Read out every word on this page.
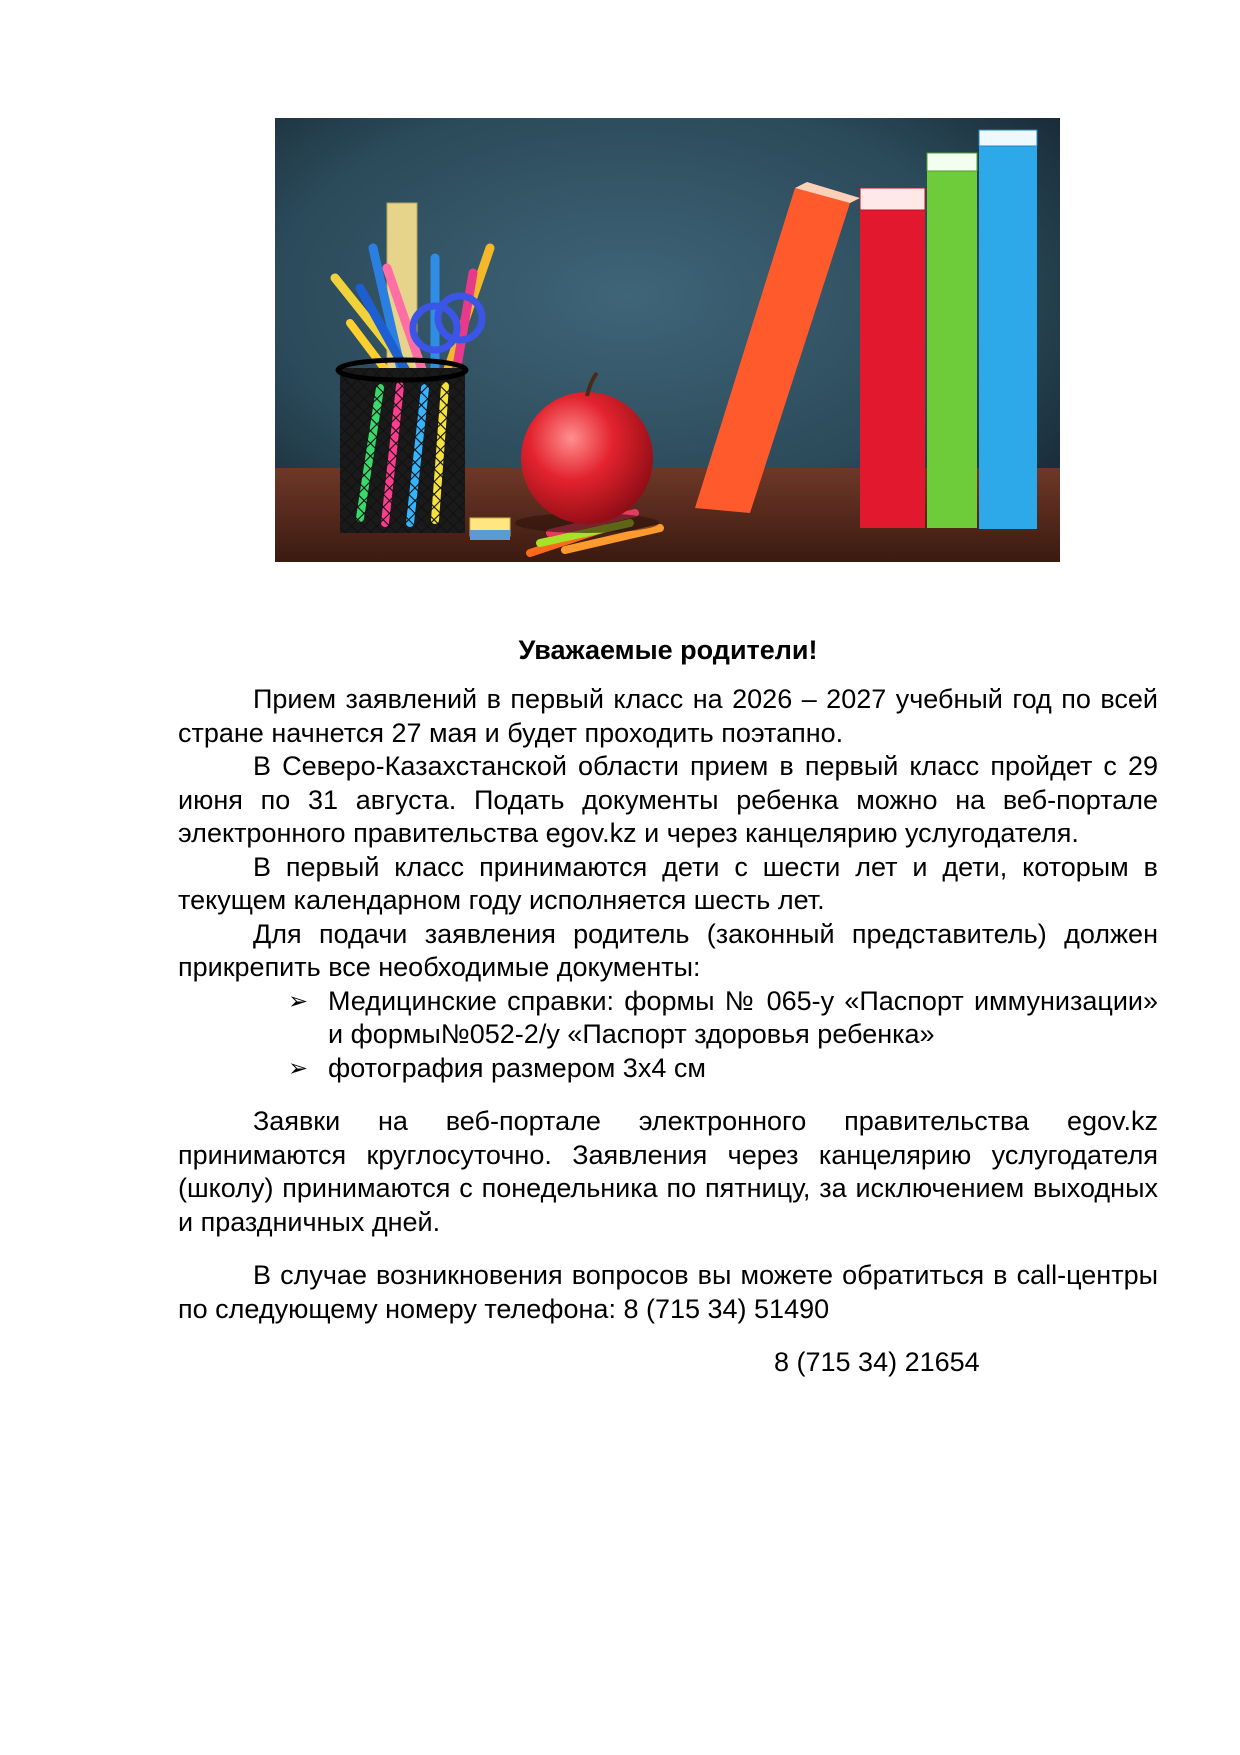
Уважаемые родители!

Прием заявлений в первый класс на 2026 – 2027 учебный год по всей стране начнется 27 мая и будет проходить поэтапно.

В Северо-Казахстанской области прием в первый класс пройдет с 29 июня по 31 августа. Подать документы ребенка можно на веб-портале электронного правительства egov.kz и через канцелярию услугодателя.

В первый класс принимаются дети с шести лет и дети, которым в текущем календарном году исполняется шесть лет.

Для подачи заявления родитель (законный представитель) должен прикрепить все необходимые документы:

➢ Медицинские справки: формы № 065-у «Паспорт иммунизации» и формы№052-2/у «Паспорт здоровья ребенка»
➢ фотография размером 3х4 см

Заявки на веб-портале электронного правительства egov.kz принимаются круглосуточно. Заявления через канцелярию услугодателя (школу) принимаются с понедельника по пятницу, за исключением выходных и праздничных дней.

В случае возникновения вопросов вы можете обратиться в call-центры по следующему номеру телефона: 8 (715 34) 51490

8 (715 34) 21654
